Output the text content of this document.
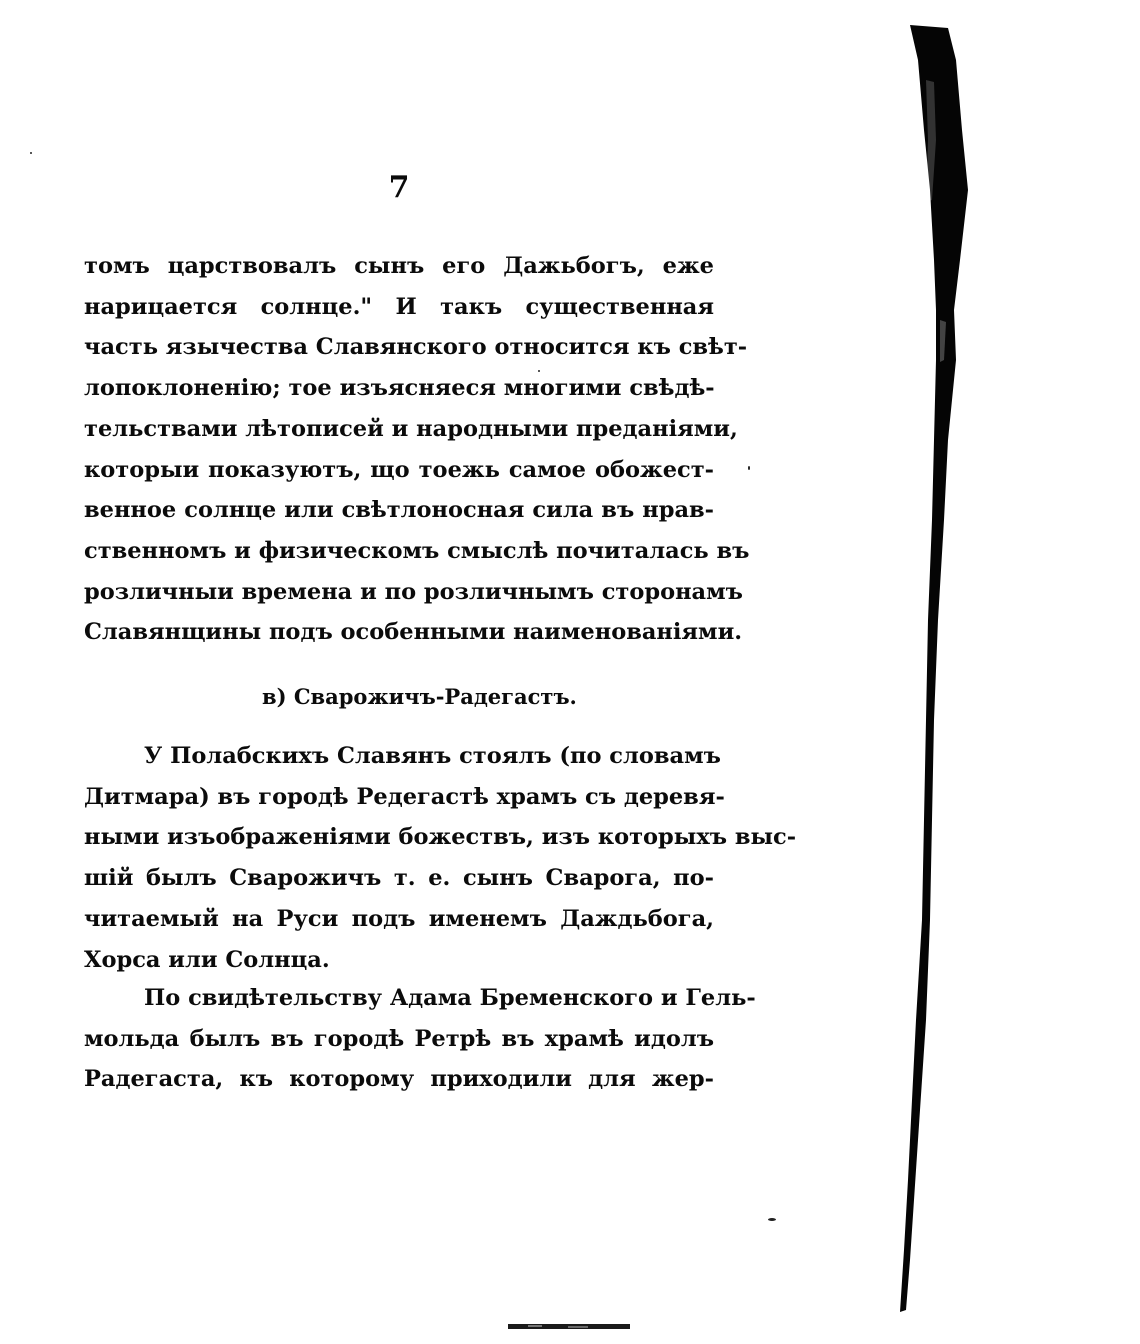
7
томъ царствовалъ сынъ его Дажьбогъ, еже
нарицается солнце." И такъ существенная
часть язычества Славянского относится къ свѣт-
лопоклоненію; тое изъясняеся многими свѣдѣ-
тельствами лѣтописей и народными преданіями,
которыи показуютъ, що тоежь самое обожест-
венное солнце или свѣтлоносная сила въ нрав-
ственномъ и физическомъ смыслѣ почиталась въ
розличныи времена и по розличнымъ сторонамъ
Славянщины подъ особенными наименованіями.
в) Сварожичъ-Радегастъ.
У Полабскихъ Славянъ стоялъ (по словамъ
Дитмара) въ городѣ Редегастѣ храмъ съ деревя-
ными изъображеніями божествъ, изъ которыхъ выс-
шій былъ Сварожичъ т. е. сынъ Сварога, по-
читаемый на Руси подъ именемъ Даждьбога,
Хорса или Солнца.
По свидѣтельству Адама Бременского и Гель-
мольда былъ въ городѣ Ретрѣ въ храмѣ идолъ
Радегаста, къ которому приходили для жер-
